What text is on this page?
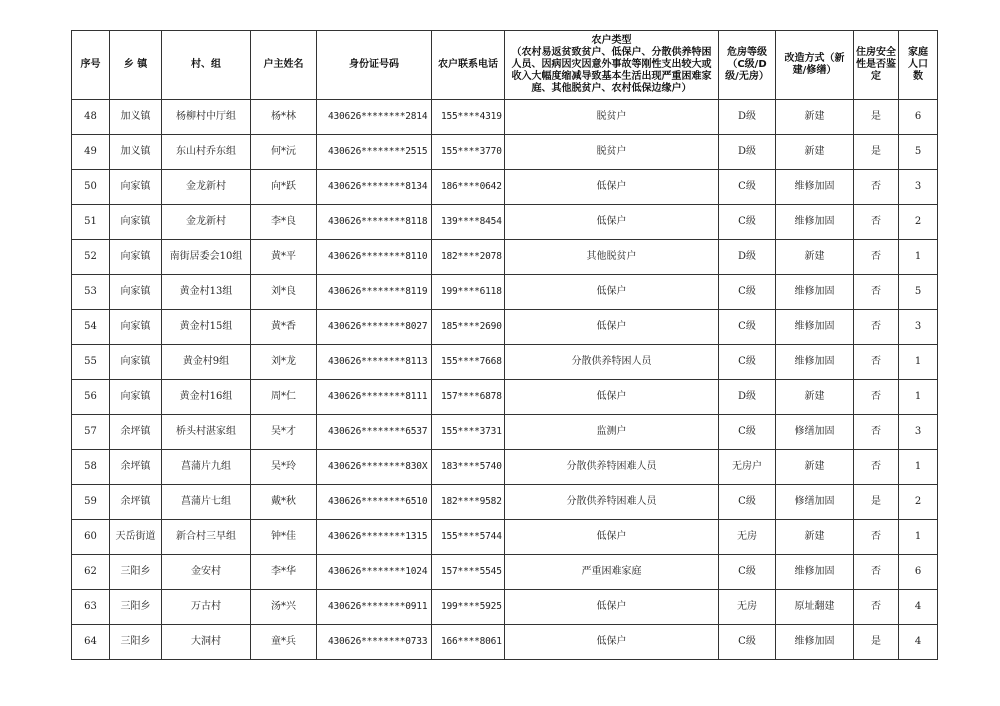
序号	乡 镇	村、组	户主姓名	身份证号码	农户联系电话	农户类型
（农村易返贫致贫户、低保户、分散供养特困人员、因病因灾因意外事故等刚性支出较大或收入大幅度缩减导致基本生活出现严重困难家庭、其他脱贫户、农村低保边缘户）	危房等级（C级/D级/无房）	改造方式（新建/修缮）	住房安全性是否鉴定	家庭人口数
48	加义镇	杨柳村中厅组	杨*林	430626********2814	155****4319	脱贫户	D级	新建	是	6
49	加义镇	东山村乔东组	何*沅	430626********2515	155****3770	脱贫户	D级	新建	是	5
50	向家镇	金龙新村	向*跃	430626********8134	186****0642	低保户	C级	维修加固	否	3
51	向家镇	金龙新村	李*良	430626********8118	139****8454	低保户	C级	维修加固	否	2
52	向家镇	南街居委会10组	黄*平	430626********8110	182****2078	其他脱贫户	D级	新建	否	1
53	向家镇	黄金村13组	刘*良	430626********8119	199****6118	低保户	C级	维修加固	否	5
54	向家镇	黄金村15组	黄*香	430626********8027	185****2690	低保户	C级	维修加固	否	3
55	向家镇	黄金村9组	刘*龙	430626********8113	155****7668	分散供养特困人员	C级	维修加固	否	1
56	向家镇	黄金村16组	周*仁	430626********8111	157****6878	低保户	D级	新建	否	1
57	余坪镇	桥头村湛家组	吴*才	430626********6537	155****3731	监测户	C级	修缮加固	否	3
58	余坪镇	菖蒲片九组	吴*玲	430626********830X	183****5740	分散供养特困难人员	无房户	新建	否	1
59	余坪镇	菖蒲片七组	戴*秋	430626********6510	182****9582	分散供养特困难人员	C级	修缮加固	是	2
60	天岳街道	新合村三早组	钟*佳	430626********1315	155****5744	低保户	无房	新建	否	1
62	三阳乡	金安村	李*华	430626********1024	157****5545	严重困难家庭	C级	维修加固	否	6
63	三阳乡	万古村	汤*兴	430626********0911	199****5925	低保户	无房	原址翻建	否	4
64	三阳乡	大洞村	童*兵	430626********0733	166****8061	低保户	C级	维修加固	是	4
